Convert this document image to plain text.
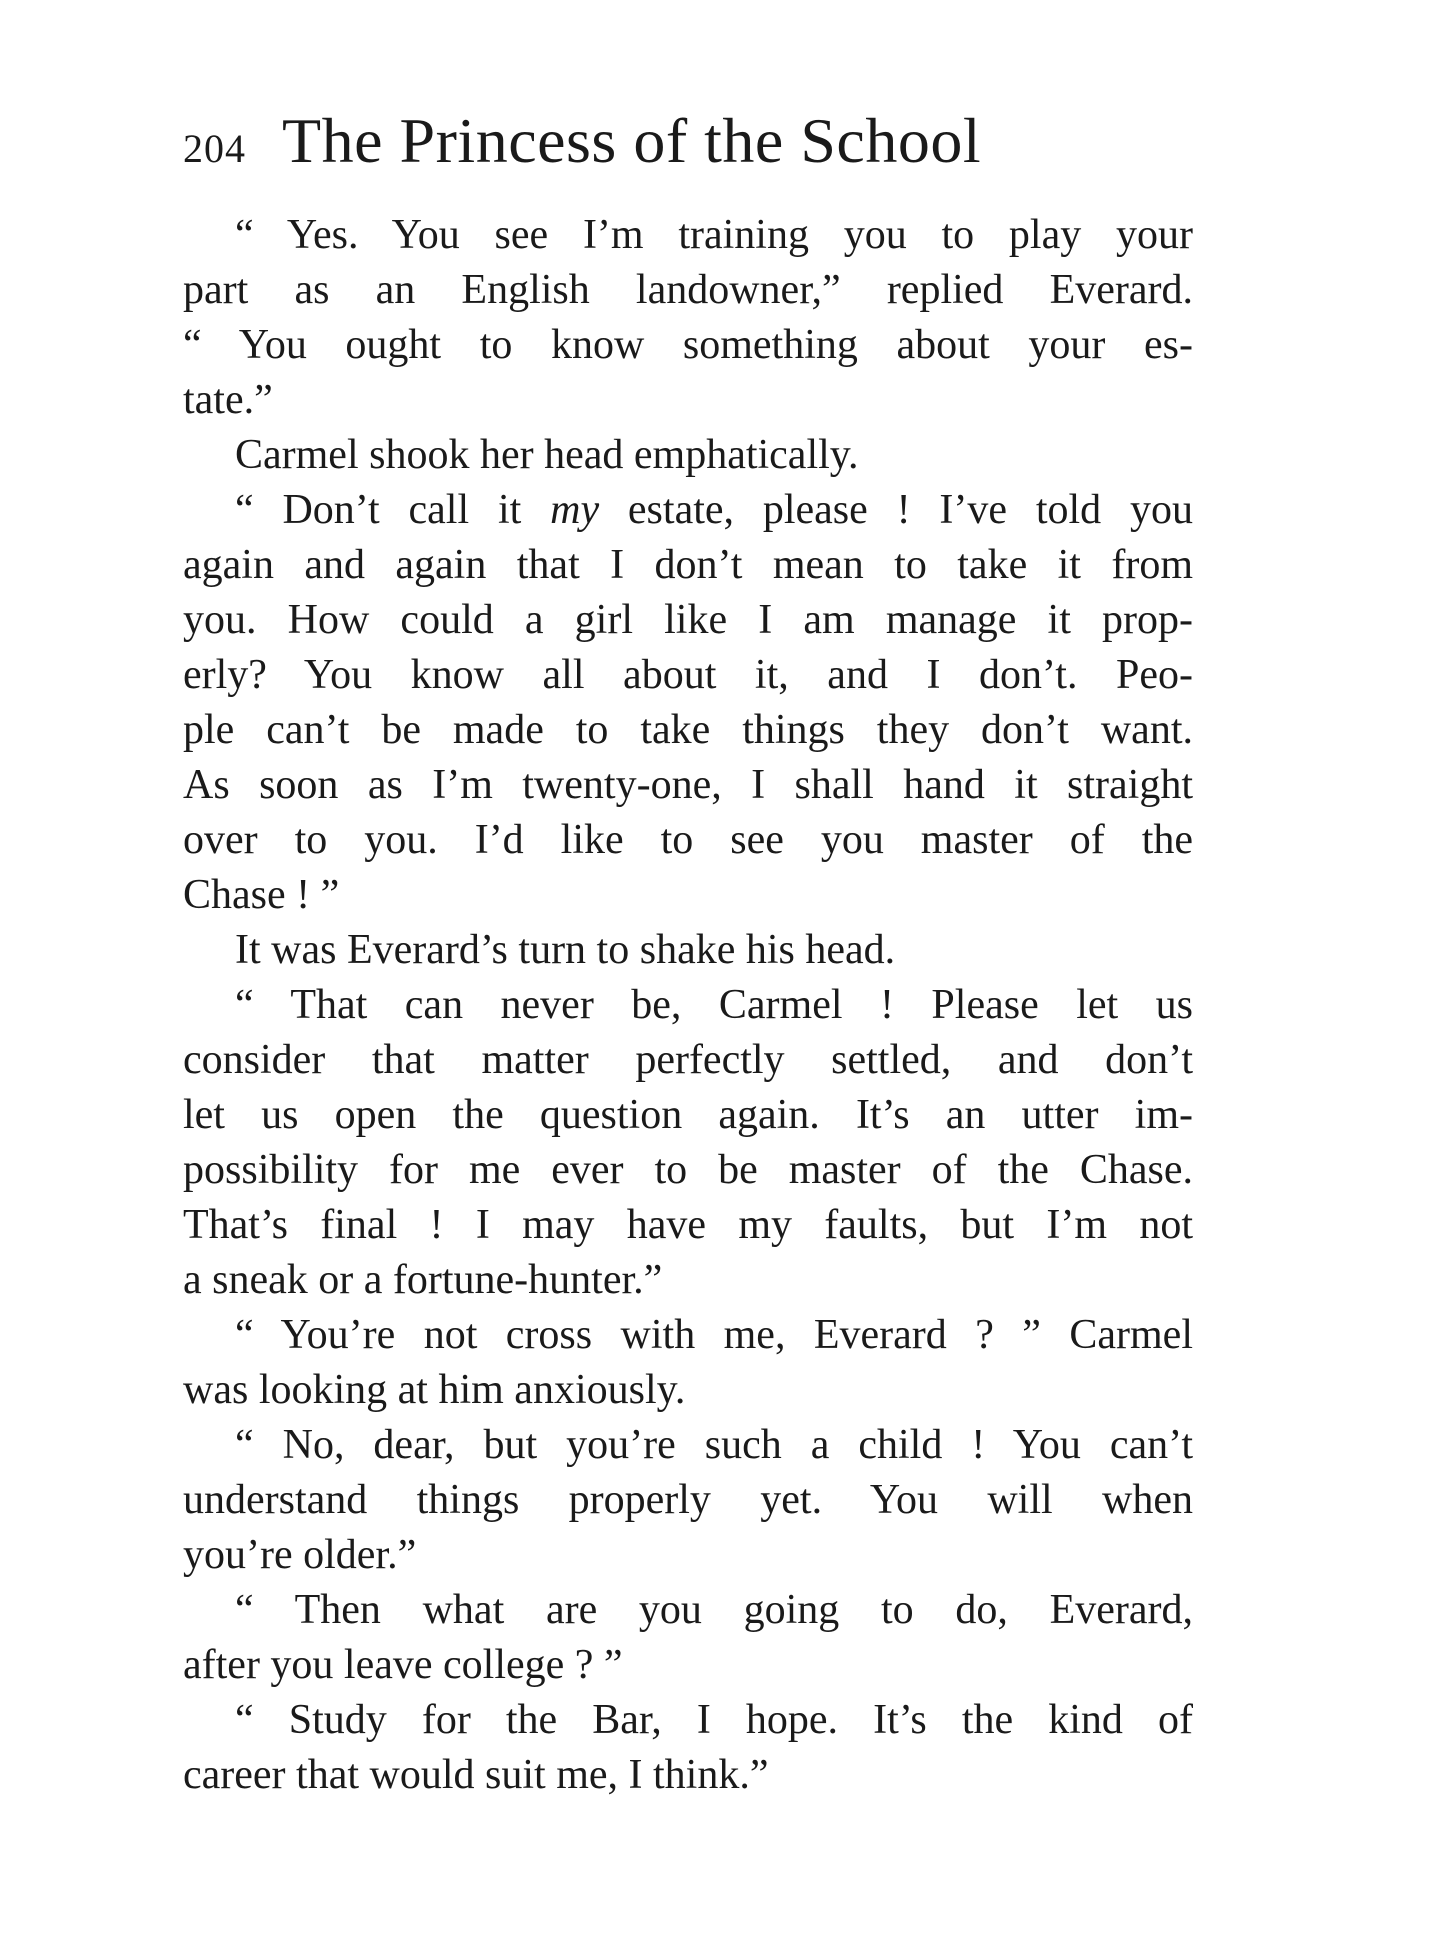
204 The Princess of the School
“ Yes. You see I’m training you to play your
part as an English landowner,” replied Everard.
“ You ought to know something about your es-
tate.”
Carmel shook her head emphatically.
“ Don’t call it my estate, please ! I’ve told you
again and again that I don’t mean to take it from
you. How could a girl like I am manage it prop-
erly? You know all about it, and I don’t. Peo-
ple can’t be made to take things they don’t want.
As soon as I’m twenty-one, I shall hand it straight
over to you. I’d like to see you master of the
Chase ! ”
It was Everard’s turn to shake his head.
“ That can never be, Carmel ! Please let us
consider that matter perfectly settled, and don’t
let us open the question again. It’s an utter im-
possibility for me ever to be master of the Chase.
That’s final ! I may have my faults, but I’m not
a sneak or a fortune-hunter.”
“ You’re not cross with me, Everard ? ” Carmel
was looking at him anxiously.
“ No, dear, but you’re such a child ! You can’t
understand things properly yet. You will when
you’re older.”
“ Then what are you going to do, Everard,
after you leave college ? ”
“ Study for the Bar, I hope. It’s the kind of
career that would suit me, I think.”
